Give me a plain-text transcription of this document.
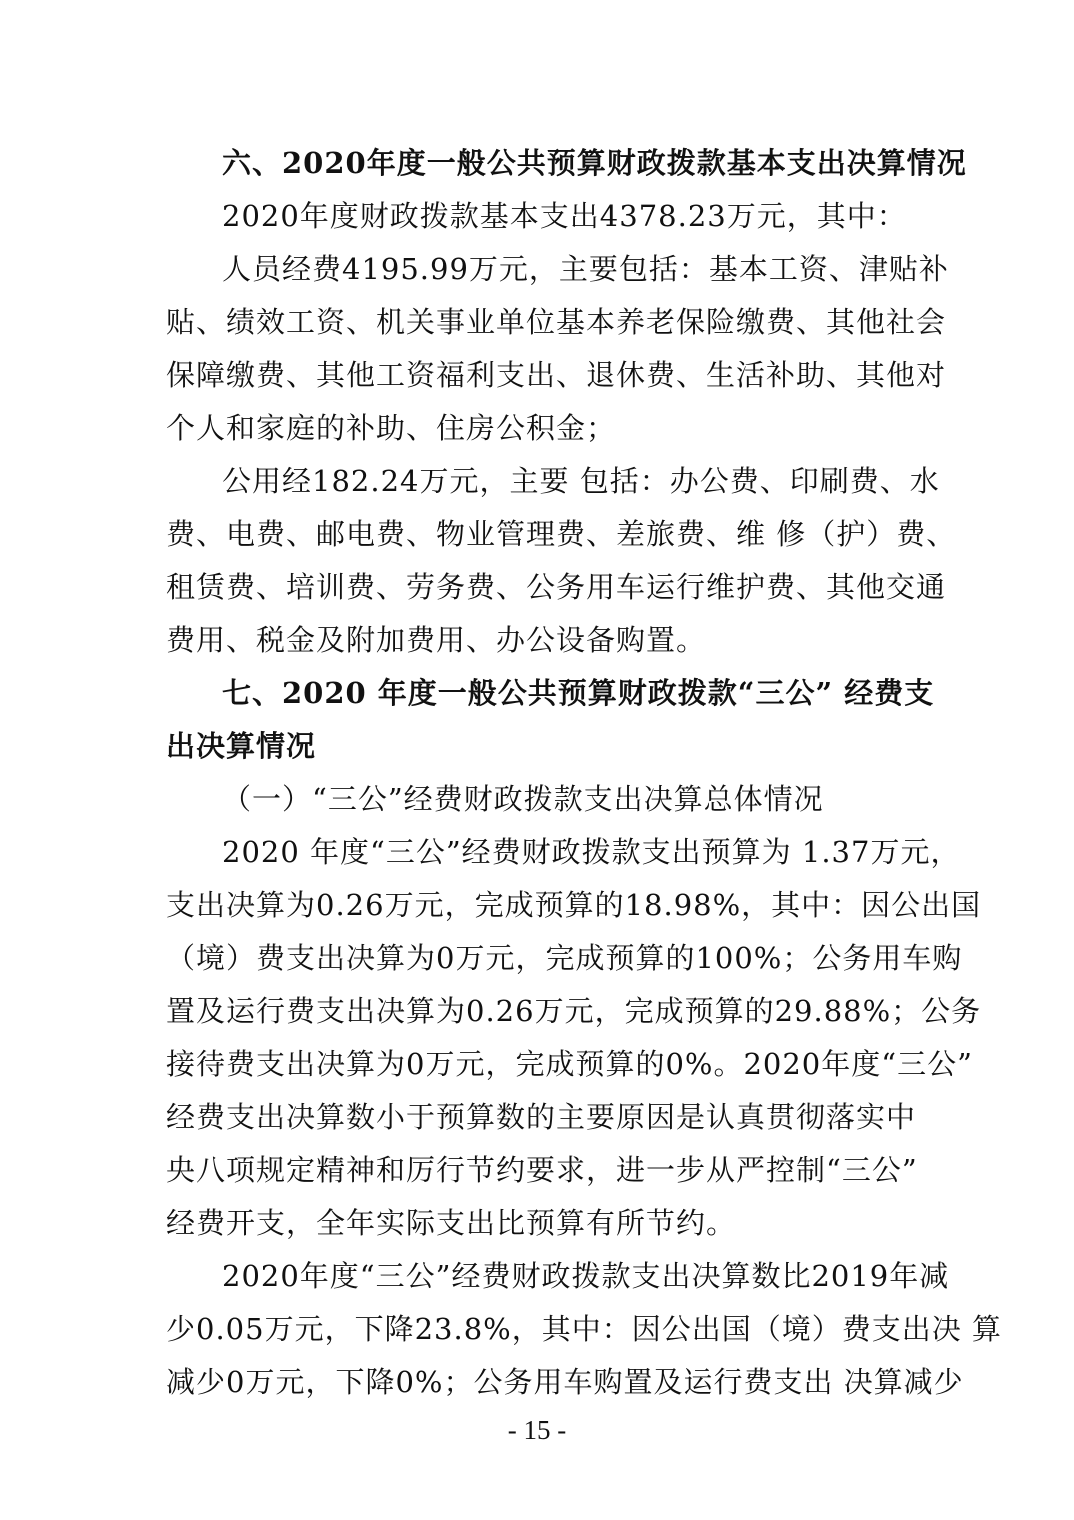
六、2020年度一般公共预算财政拨款基本支出决算情况
2020年度财政拨款基本支出4378.23万元，其中：
人员经费4195.99万元，主要包括：基本工资、津贴补
贴、绩效工资、机关事业单位基本养老保险缴费、其他社会
保障缴费、其他工资福利支出、退休费、生活补助、其他对
个人和家庭的补助、住房公积金；
公用经182.24万元，主要 包括：办公费、印刷费、水
费、电费、邮电费、物业管理费、差旅费、维 修（护）费、
租赁费、培训费、劳务费、公务用车运行维护费、其他交通
费用、税金及附加费用、办公设备购置。
七、2020 年度一般公共预算财政拨款“三公” 经费支
出决算情况
（一）“三公”经费财政拨款支出决算总体情况
2020 年度“三公”经费财政拨款支出预算为 1.37万元，
支出决算为0.26万元，完成预算的18.98%，其中：因公出国
（境）费支出决算为0万元，完成预算的100%；公务用车购
置及运行费支出决算为0.26万元，完成预算的29.88%；公务
接待费支出决算为0万元，完成预算的0%。2020年度“三公”
经费支出决算数小于预算数的主要原因是认真贯彻落实中
央八项规定精神和厉行节约要求，进一步从严控制“三公”
经费开支，全年实际支出比预算有所节约。
2020年度“三公”经费财政拨款支出决算数比2019年减
少0.05万元，下降23.8%，其中：因公出国（境）费支出决 算
减少0万元，下降0%；公务用车购置及运行费支出 决算减少
- 15 -
